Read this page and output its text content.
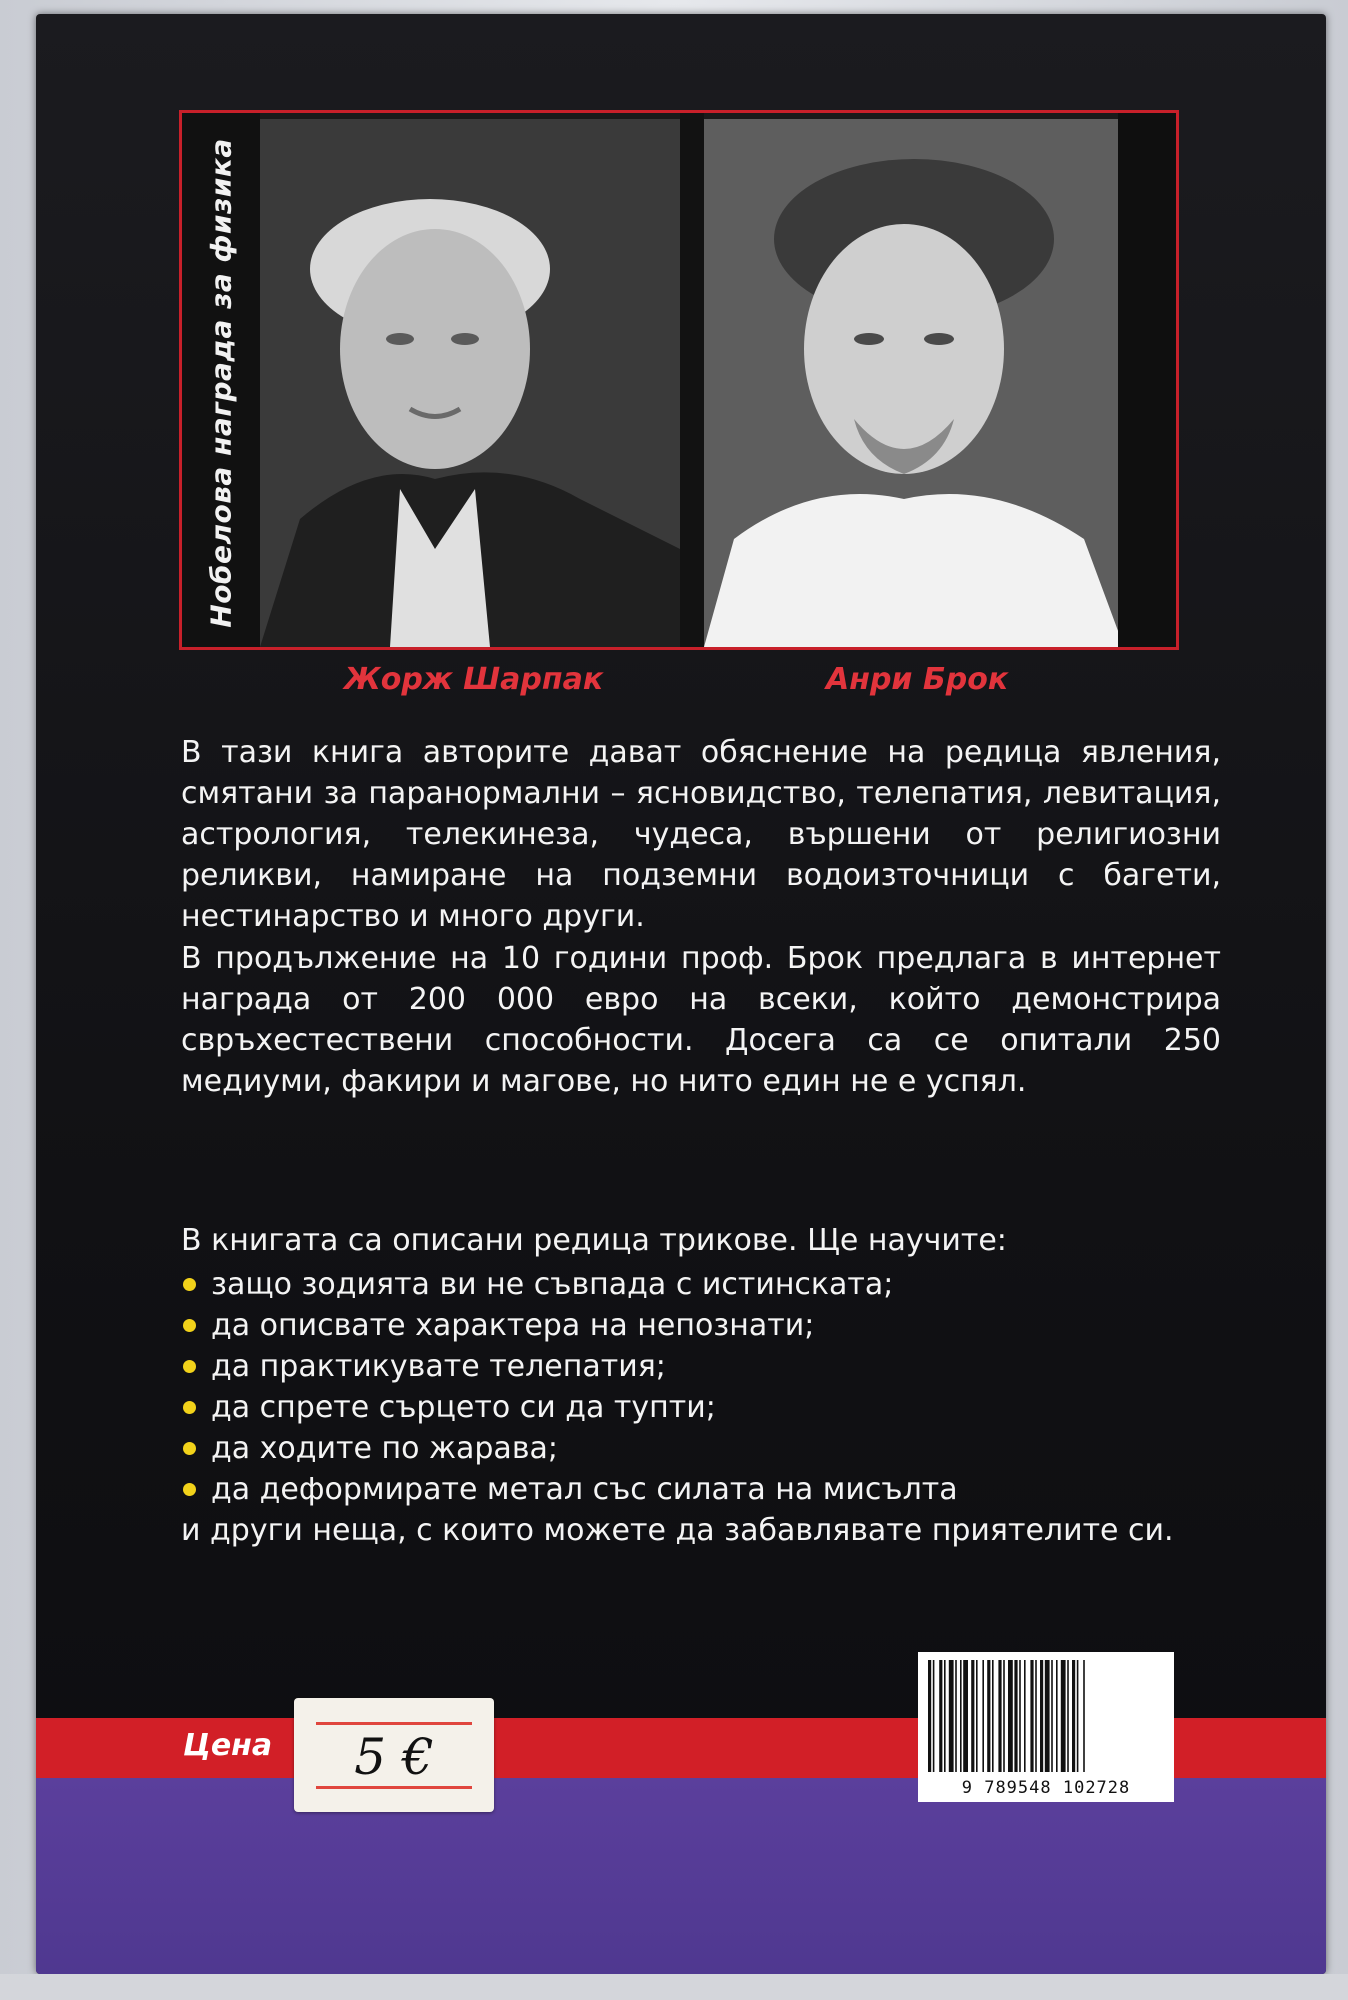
Нобелова награда за физика
Жорж Шарпак	Анри Брок
В тази книга авторите дават обяснение на редица явления, смятани за паранормални – ясновидство, телепатия, левитация, астрология, телекинеза, чудеса, вършени от религиозни реликви, намиране на подземни водоизточници с багети, нестинарство и много други.
В продължение на 10 години проф. Брок предлага в интернет награда от 200 000 евро на всеки, който демонстрира свръхестествени способности. Досега са се опитали 250 медиуми, факири и магове, но нито един не е успял.
В книгата са описани редица трикове. Ще научите:
защо зодията ви не съвпада с истинската;
да описвате характера на непознати;
да практикувате телепатия;
да спрете сърцето си да тупти;
да ходите по жарава;
да деформирате метал със силата на мисълта
и други неща, с които можете да забавлявате приятелите си.
Цена	5 €
9 789548 102728
